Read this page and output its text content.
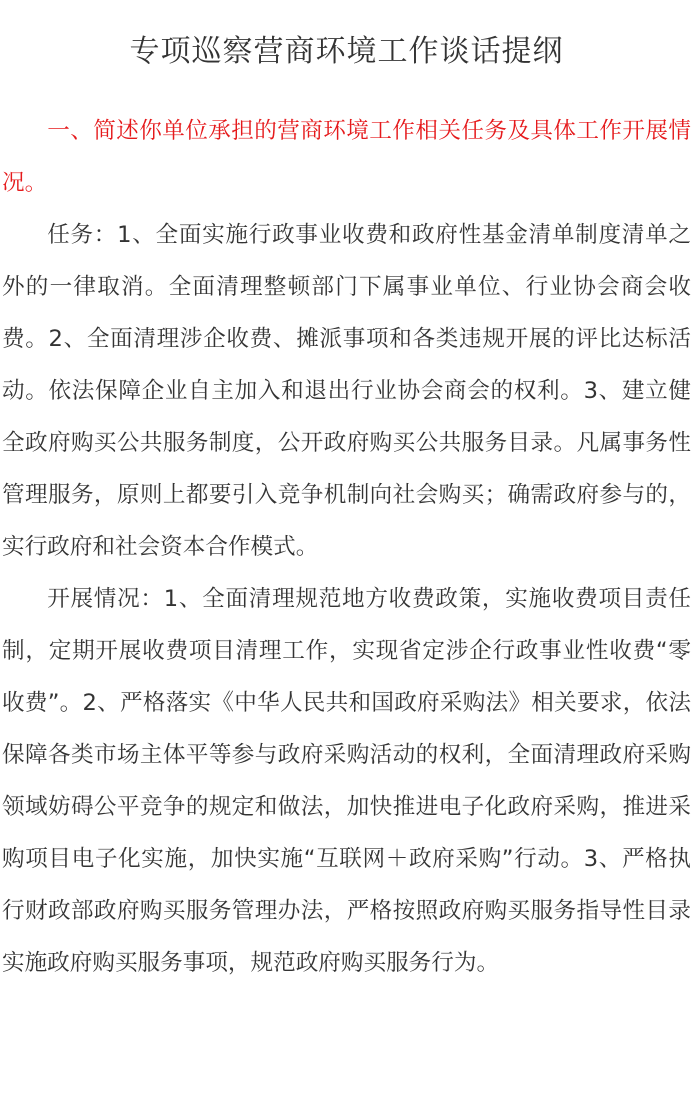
专项巡察营商环境工作谈话提纲

一、简述你单位承担的营商环境工作相关任务及具体工作开展情况。

任务：1、全面实施行政事业收费和政府性基金清单制度清单之外的一律取消。全面清理整顿部门下属事业单位、行业协会商会收费。2、全面清理涉企收费、摊派事项和各类违规开展的评比达标活动。依法保障企业自主加入和退出行业协会商会的权利。3、建立健全政府购买公共服务制度，公开政府购买公共服务目录。凡属事务性管理服务，原则上都要引入竞争机制向社会购买；确需政府参与的，实行政府和社会资本合作模式。

开展情况：1、全面清理规范地方收费政策，实施收费项目责任制，定期开展收费项目清理工作，实现省定涉企行政事业性收费“零收费”。2、严格落实《中华人民共和国政府采购法》相关要求，依法保障各类市场主体平等参与政府采购活动的权利，全面清理政府采购领域妨碍公平竞争的规定和做法，加快推进电子化政府采购，推进采购项目电子化实施，加快实施“互联网＋政府采购”行动。3、严格执行财政部政府购买服务管理办法，严格按照政府购买服务指导性目录实施政府购买服务事项，规范政府购买服务行为。
